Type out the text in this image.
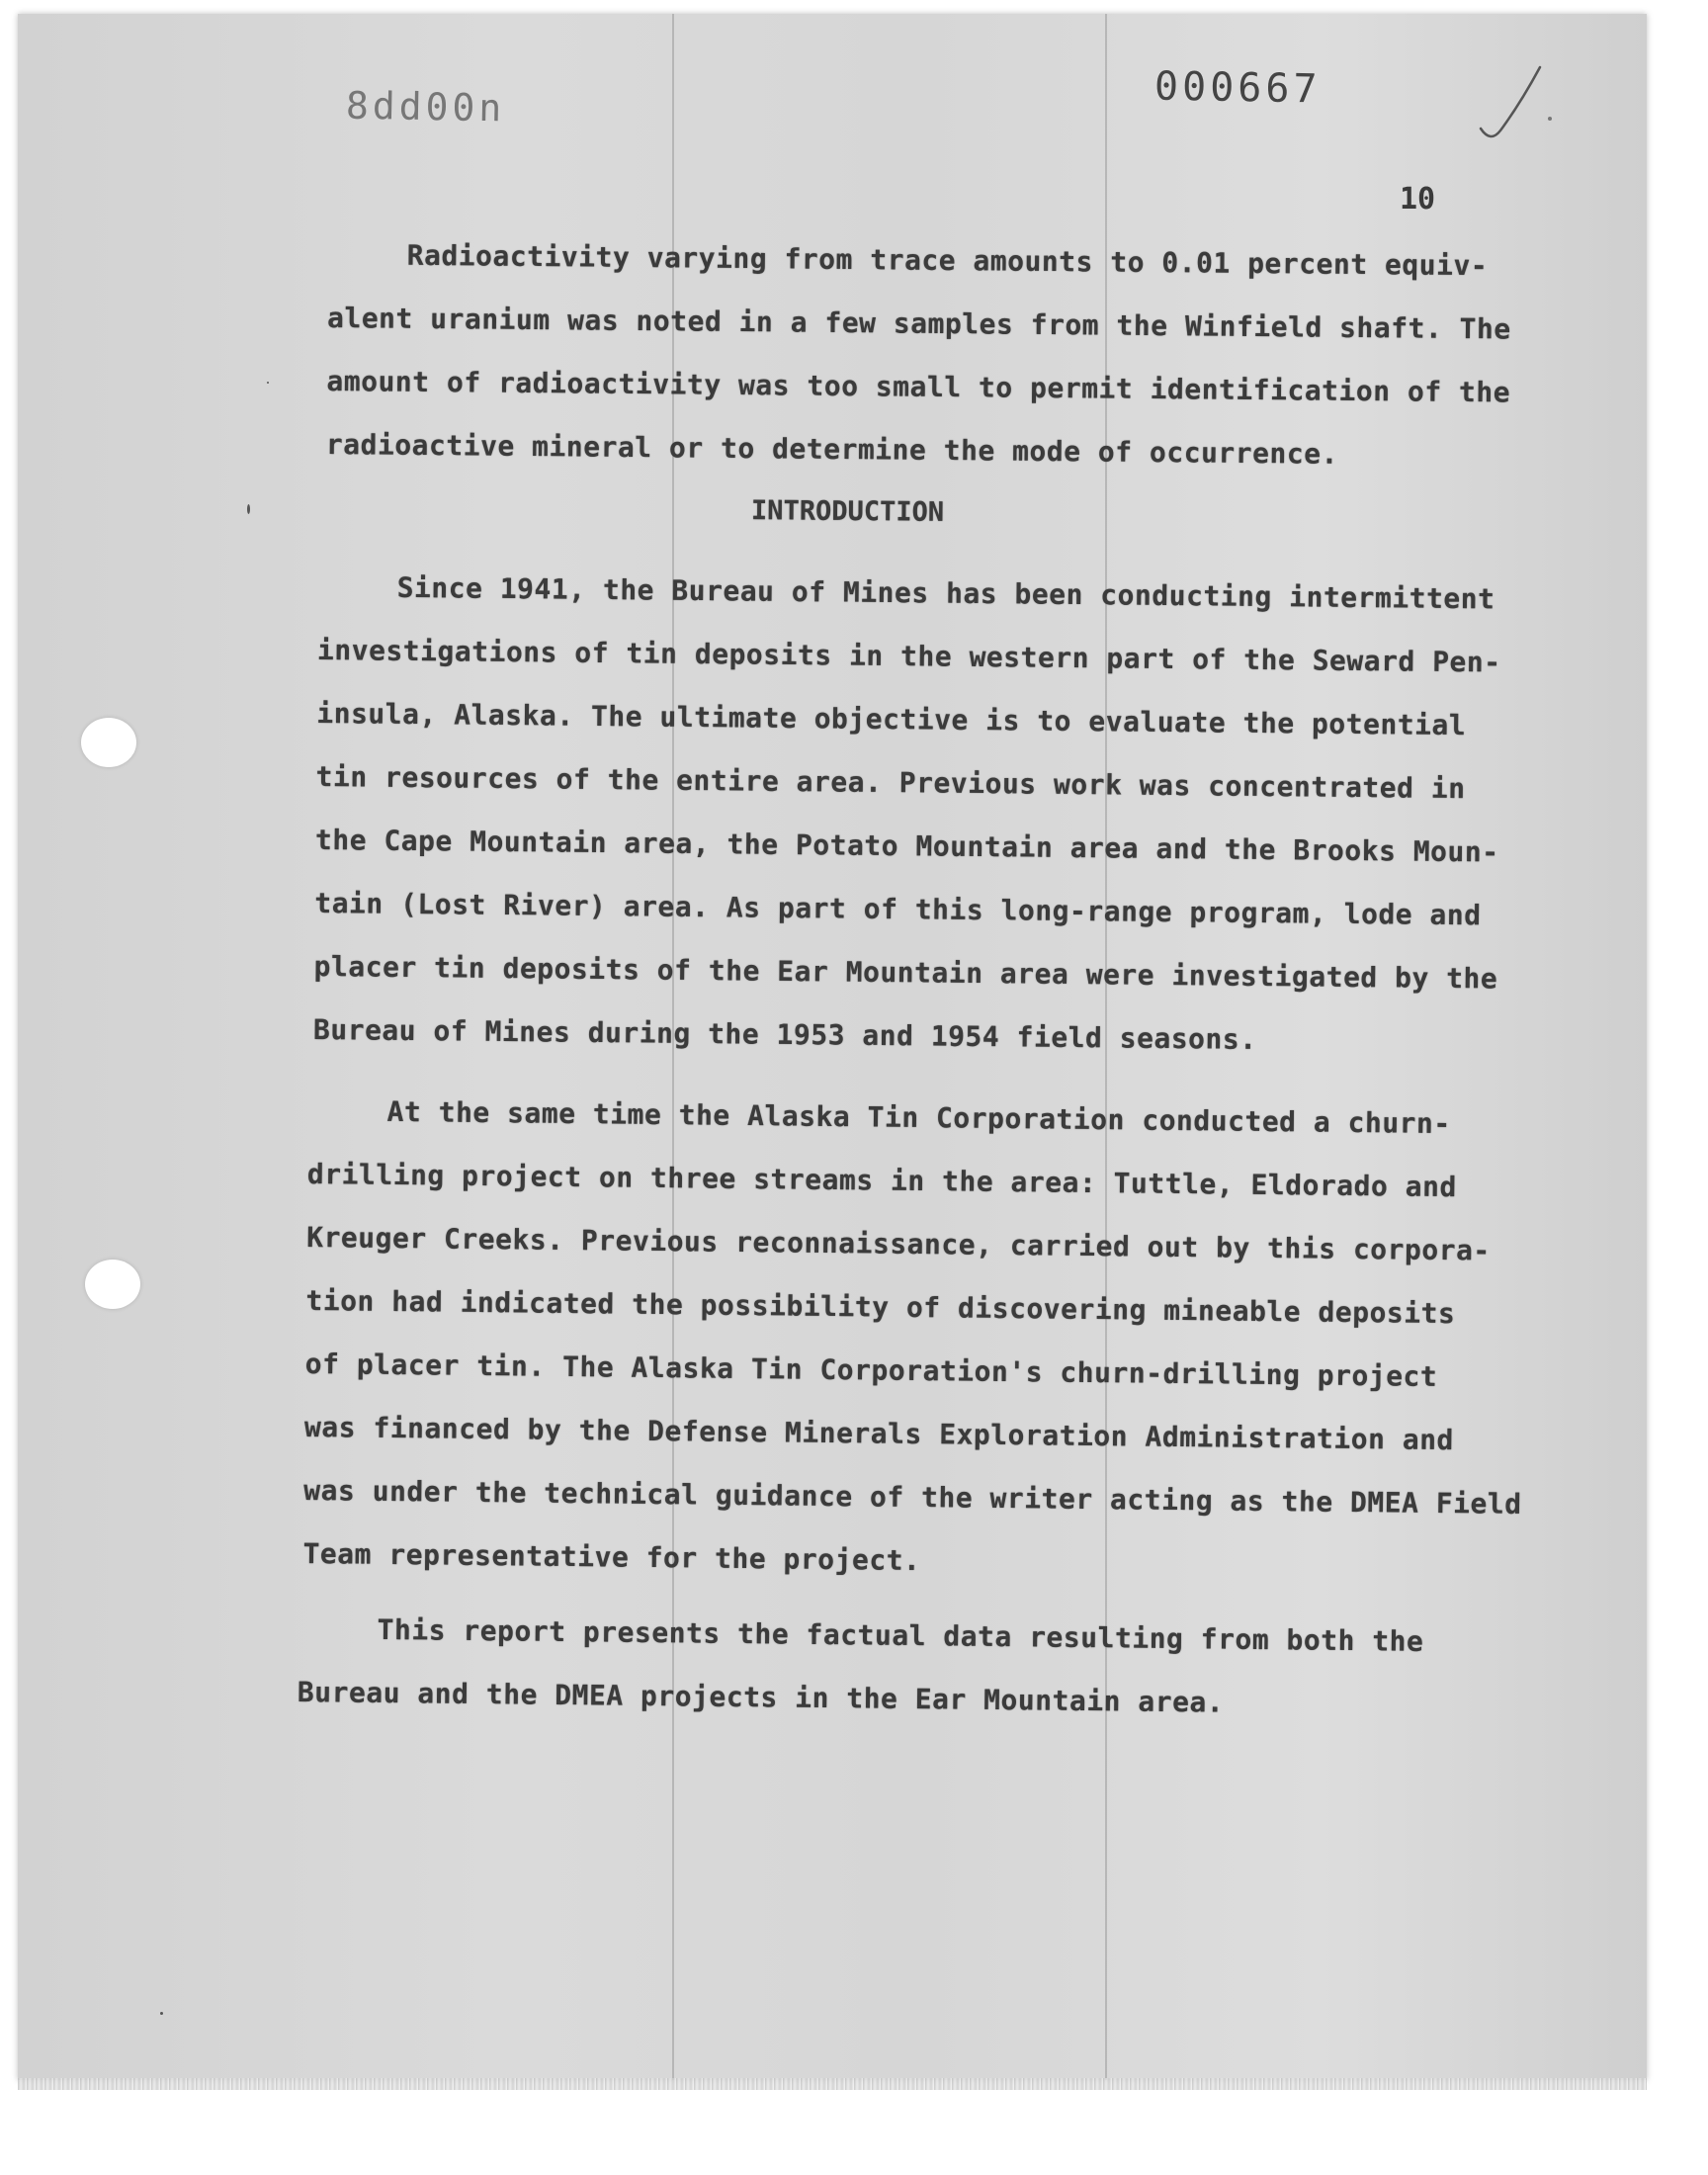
8dd00n	000667
10
Radioactivity varying from trace amounts to 0.01 percent equiv-
alent uranium was noted in a few samples from the Winfield shaft. The
amount of radioactivity was too small to permit identification of the
radioactive mineral or to determine the mode of occurrence.
INTRODUCTION
Since 1941, the Bureau of Mines has been conducting intermittent
investigations of tin deposits in the western part of the Seward Pen-
insula, Alaska. The ultimate objective is to evaluate the potential
tin resources of the entire area. Previous work was concentrated in
the Cape Mountain area, the Potato Mountain area and the Brooks Moun-
tain (Lost River) area. As part of this long-range program, lode and
placer tin deposits of the Ear Mountain area were investigated by the
Bureau of Mines during the 1953 and 1954 field seasons.
At the same time the Alaska Tin Corporation conducted a churn-
drilling project on three streams in the area: Tuttle, Eldorado and
Kreuger Creeks. Previous reconnaissance, carried out by this corpora-
tion had indicated the possibility of discovering mineable deposits
of placer tin. The Alaska Tin Corporation's churn-drilling project
was financed by the Defense Minerals Exploration Administration and
was under the technical guidance of the writer acting as the DMEA Field
Team representative for the project.
This report presents the factual data resulting from both the
Bureau and the DMEA projects in the Ear Mountain area.
